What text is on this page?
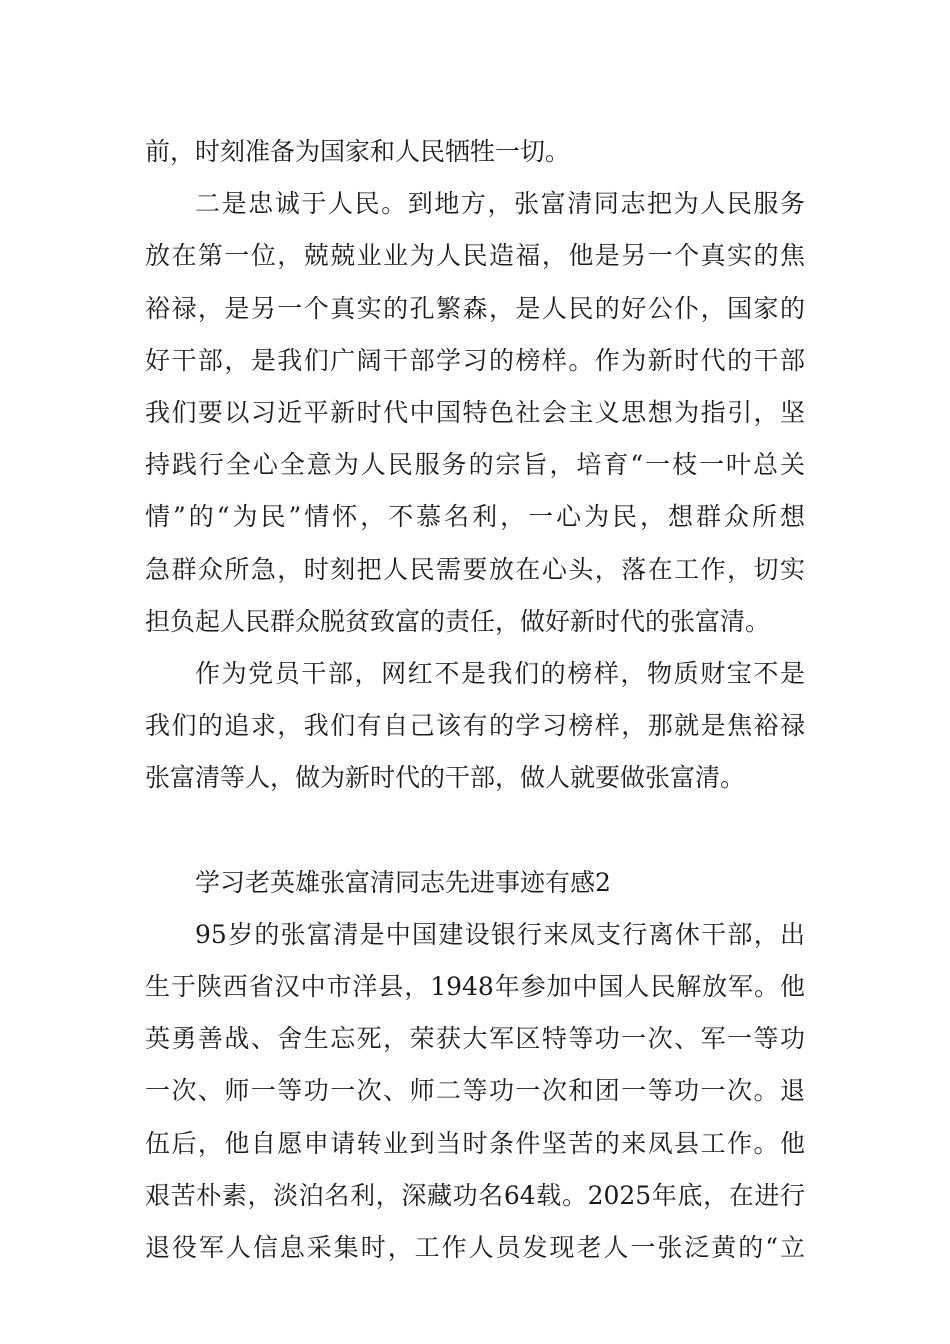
前，时刻准备为国家和人民牺牲一切。
二是忠诚于人民。到地方，张富清同志把为人民服务
放在第一位，兢兢业业为人民造福，他是另一个真实的焦
裕禄，是另一个真实的孔繁森，是人民的好公仆，国家的
好干部，是我们广阔干部学习的榜样。作为新时代的干部
我们要以习近平新时代中国特色社会主义思想为指引，坚
持践行全心全意为人民服务的宗旨，培育“一枝一叶总关
情”的“为民”情怀，不慕名利，一心为民，想群众所想
急群众所急，时刻把人民需要放在心头，落在工作，切实
担负起人民群众脱贫致富的责任，做好新时代的张富清。
作为党员干部，网红不是我们的榜样，物质财宝不是
我们的追求，我们有自己该有的学习榜样，那就是焦裕禄
张富清等人，做为新时代的干部，做人就要做张富清。
学习老英雄张富清同志先进事迹有感2
95岁的张富清是中国建设银行来凤支行离休干部，出
生于陕西省汉中市洋县，1948年参加中国人民解放军。他
英勇善战、舍生忘死，荣获大军区特等功一次、军一等功
一次、师一等功一次、师二等功一次和团一等功一次。退
伍后，他自愿申请转业到当时条件坚苦的来凤县工作。他
艰苦朴素，淡泊名利，深藏功名64载。2025年底，在进行
退役军人信息采集时，工作人员发现老人一张泛黄的“立
